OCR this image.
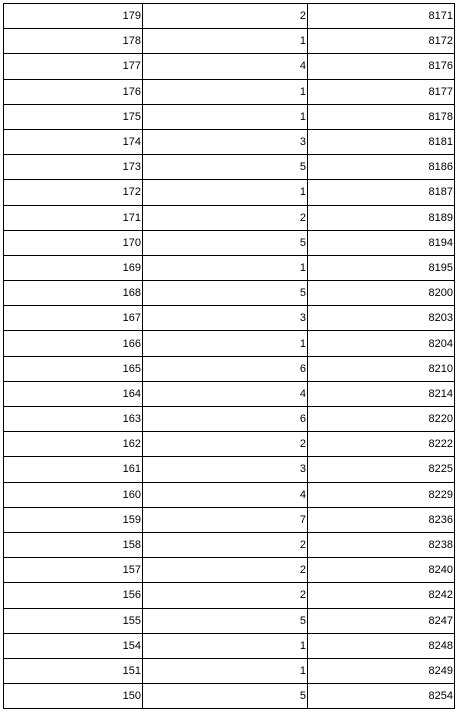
179	2	8171
178	1	8172
177	4	8176
176	1	8177
175	1	8178
174	3	8181
173	5	8186
172	1	8187
171	2	8189
170	5	8194
169	1	8195
168	5	8200
167	3	8203
166	1	8204
165	6	8210
164	4	8214
163	6	8220
162	2	8222
161	3	8225
160	4	8229
159	7	8236
158	2	8238
157	2	8240
156	2	8242
155	5	8247
154	1	8248
151	1	8249
150	5	8254
